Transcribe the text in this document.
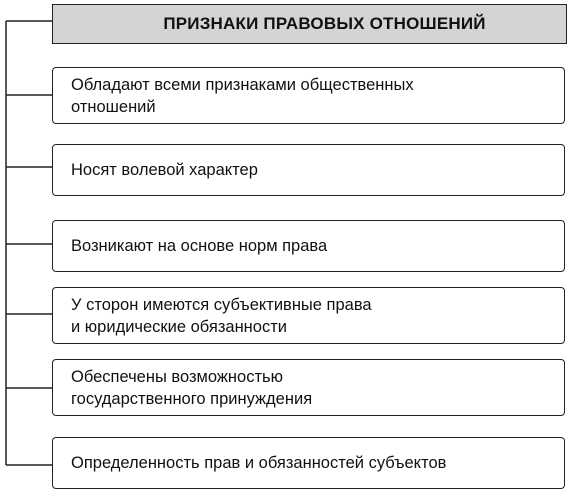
ПРИЗНАКИ ПРАВОВЫХ ОТНОШЕНИЙ
Обладают всеми признаками общественных
отношений
Носят волевой характер
Возникают на основе норм права
У сторон имеются субъективные права
и юридические обязанности
Обеспечены возможностью
государственного принуждения
Определенность прав и обязанностей субъектов
